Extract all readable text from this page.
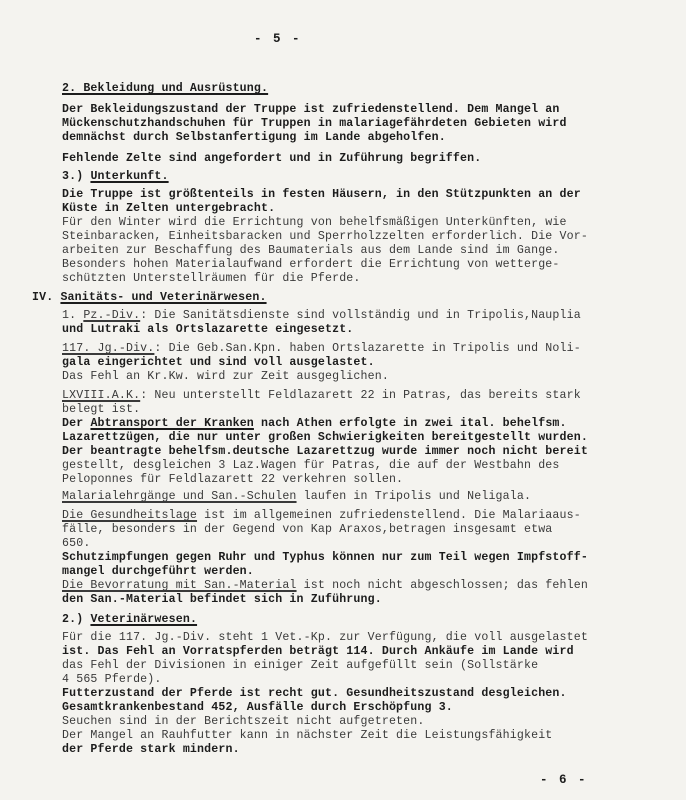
- 5 -
2. Bekleidung und Ausrüstung.
Der Bekleidungszustand der Truppe ist zufriedenstellend. Dem Mangel an
Mückenschutzhandschuhen für Truppen in malariagefährdeten Gebieten wird
demnächst durch Selbstanfertigung im Lande abgeholfen.
Fehlende Zelte sind angefordert und in Zuführung begriffen.
3.) Unterkunft.
Die Truppe ist größtenteils in festen Häusern, in den Stützpunkten an der
Küste in Zelten untergebracht.
Für den Winter wird die Errichtung von behelfsmäßigen Unterkünften, wie
Steinbaracken, Einheitsbaracken und Sperrholzzelten erforderlich. Die Vor-
arbeiten zur Beschaffung des Baumaterials aus dem Lande sind im Gange.
Besonders hohen Materialaufwand erfordert die Errichtung von wetterge-
schützten Unterstellräumen für die Pferde.
IV. Sanitäts- und Veterinärwesen.
1. Pz.-Div.: Die Sanitätsdienste sind vollständig und in Tripolis,Nauplia
und Lutraki als Ortslazarette eingesetzt.
117. Jg.-Div.: Die Geb.San.Kpn. haben Ortslazarette in Tripolis und Noli-
gala eingerichtet und sind voll ausgelastet.
Das Fehl an Kr.Kw. wird zur Zeit ausgeglichen.
LXVIII.A.K.: Neu unterstellt Feldlazarett 22 in Patras, das bereits stark
belegt ist.
Der Abtransport der Kranken nach Athen erfolgte in zwei ital. behelfsm.
Lazarettzügen, die nur unter großen Schwierigkeiten bereitgestellt wurden.
Der beantragte behelfsm.deutsche Lazarettzug wurde immer noch nicht bereit
gestellt, desgleichen 3 Laz.Wagen für Patras, die auf der Westbahn des
Peloponnes für Feldlazarett 22 verkehren sollen.
Malarialehrgänge und San.-Schulen laufen in Tripolis und Neligala.
Die Gesundheitslage ist im allgemeinen zufriedenstellend. Die Malariaaus-
fälle, besonders in der Gegend von Kap Araxos,betragen insgesamt etwa
650.
Schutzimpfungen gegen Ruhr und Typhus können nur zum Teil wegen Impfstoff-
mangel durchgeführt werden.
Die Bevorratung mit San.-Material ist noch nicht abgeschlossen; das fehlen
den San.-Material befindet sich in Zuführung.
2.) Veterinärwesen.
Für die 117. Jg.-Div. steht 1 Vet.-Kp. zur Verfügung, die voll ausgelastet
ist. Das Fehl an Vorratspferden beträgt 114. Durch Ankäufe im Lande wird
das Fehl der Divisionen in einiger Zeit aufgefüllt sein (Sollstärke
4 565 Pferde).
Futterzustand der Pferde ist recht gut. Gesundheitszustand desgleichen.
Gesamtkrankenbestand 452, Ausfälle durch Erschöpfung 3.
Seuchen sind in der Berichtszeit nicht aufgetreten.
Der Mangel an Rauhfutter kann in nächster Zeit die Leistungsfähigkeit
der Pferde stark mindern.
- 6 -
